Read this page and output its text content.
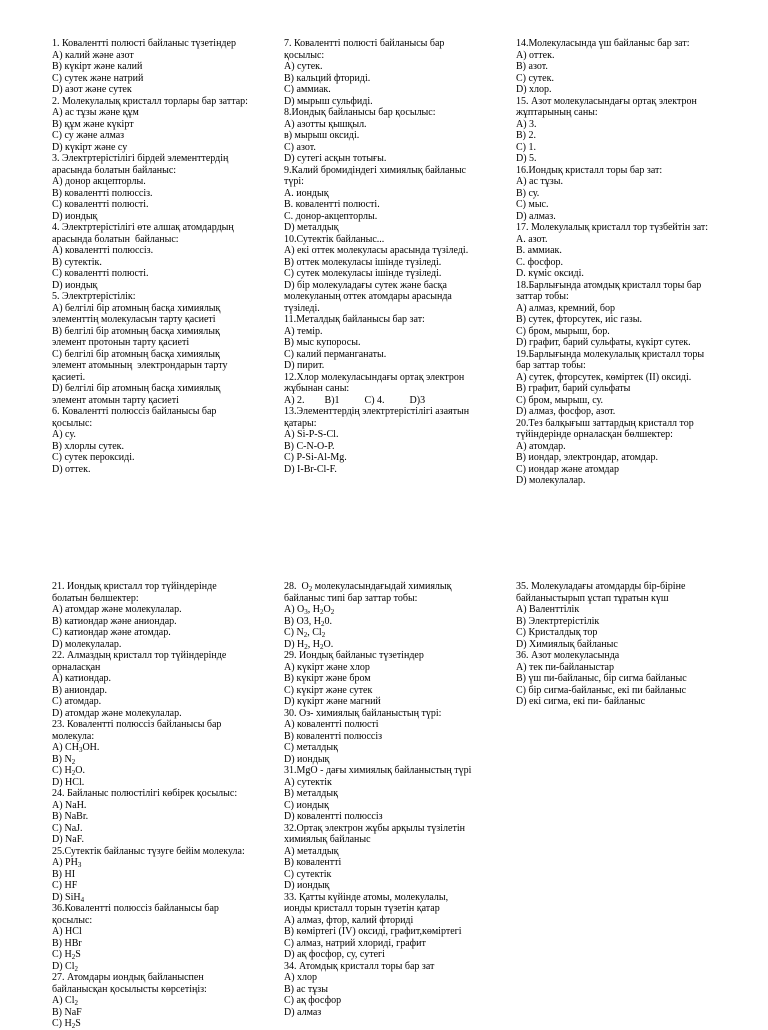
1. Ковалентті полюсті байланыс түзетіндер
А) калий және азот
В) күкірт және калий
С) сутек және натрий
D) азот және сутек
2. Молекулалық кристалл торлары бар заттар:
А) ас тұзы және құм
В) құм және күкірт
С) су және алмаз
D) күкірт және су
3. Электртерістілігі бірдей элементтердің
арасында болатын байланыс:
А) донор акцепторлы.
В) ковалентті полюссіз.
С) ковалентті полюсті.
D) иондық
4. Электртерістілігі өте алшақ атомдардың
арасында болатын  байланыс:
А) ковалентті полюссіз.
В) сутектік.
С) ковалентті полюсті.
D) иондық
5. Электртерістілік:
А) белгілі бір атомның басқа химиялық
элементтің молекуласын тарту қасиеті
В) белгілі бір атомның басқа химиялық
элемент протонын тарту қасиеті
С) белгілі бір атомның басқа химиялық
элемент атомының  электрондарын тарту
қасиеті.
D) белгілі бір атомның басқа химиялық
элемент атомын тарту қасиеті
6. Ковалентті полюссіз байланысы бар
қосылыс:
А) су.
В) хлорлы сутек.
С) сутек пероксиді.
D) оттек.
7. Ковалентті полюсті байланысы бар
қосылыс:
А) сутек.
В) кальций фториді.
С) аммиак.
D) мырыш сульфиді.
8.Иондық байланысы бар қосылыс:
А) азотты қышқыл.
в) мырыш оксиді.
С) азот.
D) сутегі асқын тотығы.
9.Калий бромидіндегі химиялық байланыс
түрі:
А. иондық
В. ковалентті полюсті.
С. донор-акцепторлы.
D) металдық
10.Сутектік байланыс...
А) екі оттек молекуласы арасында түзіледі.
В) оттек молекуласы ішінде түзіледі.
С) сутек молекуласы ішінде түзіледі.
D) бір молекуладағы сутек және басқа
молекуланың оттек атомдары арасында
түзіледі.
11.Металдық байланысы бар зат:
А) темір.
В) мыс купоросы.
С) калий перманганаты.
D) пирит.
12.Хлор молекуласындағы ортақ электрон
жұбынан саны:
А) 2.        В)1          С) 4.          D)3
13.Элементтердің электртерістілігі азаятын
қатары:
А) Si-P-S-Cl.
В) C-N-O-P.
С) P-Si-Al-Mg.
D) I-Br-Cl-F.
14.Молекуласында үш байланыс бар зат:
А) оттек.
В) азот.
С) сутек.
D) хлор.
15. Азот молекуласындағы ортақ электрон
жұптарының саны:
А) 3.
В) 2.
С) 1.
D) 5.
16.Иондық кристалл торы бар зат:
А) ас тұзы.
В) су.
С) мыс.
D) алмаз.
17. Молекулалық кристалл тор түзбейтін зат:
А. азот.
В. аммиак.
С. фосфор.
D. күміс оксиді.
18.Барлығында атомдық кристалл торы бар
заттар тобы:
А) алмаз, кремний, бор
В) сутек, фторсутек, иіс газы.
С) бром, мырыш, бор.
D) графит, барий сульфаты, күкірт сутек.
19.Барлығында молекулалық кристалл торы
бар заттар тобы:
А) сутек, фторсутек, көміртек (II) оксиді.
В) графит, барий сульфаты
С) бром, мырыш, су.
D) алмаз, фосфор, азот.
20.Тез балқығыш заттардың кристалл тор
түйіндерінде орналасқан бөлшектер:
А) атомдар.
В) иондар, электрондар, атомдар.
С) иондар және атомдар
D) молекулалар.
21. Иондық кристалл тор түйіндерінде
болатын бөлшектер:
А) атомдар және молекулалар.
В) катиондар және аниондар.
С) катиондар және атомдар.
D) молекулалар.
22. Алмаздың кристалл тор түйіндерінде
орналасқан
А) катиондар.
В) аниондар.
С) атомдар.
D) атомдар және молекулалар.
23. Ковалентті полюссіз байланысы бар
молекула:
А) $CH_3OH$.
В) $N_2$
С) $H_2O$.
D) HCl.
24. Байланыс полюстілігі көбірек қосылыс:
А) NaH.
В) NaBr.
С) NaJ.
D) NaF.
25.Сутектік байланыс түзуге бейім молекула:
А) $PH_3$
В) HI
С) HF
D) SiH$_4$
36.Ковалентті полюссіз байланысы бар
қосылыс:
А) HCl
В) HBr
С) $H_2S$
D) $Cl_2$
27. Атомдары иондық байланыспен
байланысқан қосылысты көрсетіңіз:
А) $Cl_2$
В) NaF
С) $H_2S$
28.  $O_2$ молекуласындағыдай химиялық
байланыс типі бар заттар тобы:
А) $O_3$, $H_2O_2$
В) O3, $H_20$.
С) $N_2$, $Cl_2$
D) $H_2$, $H_2O$.
29. Иондық байланыс түзетіндер
А) күкірт және хлор
В) күкірт және бром
С) күкірт және сутек
D) күкірт және магний
30. Oз- химиялық байланыстың түрі:
А) ковалентті полюсті
В) ковалентті полюссіз
С) металдық
D) иондық
31.MgO - дағы химиялық байланыстың түрі
А) сутектік
В) металдық
С) иондық
D) ковалентті полюссіз
32.Ортақ электрон жұбы арқылы түзілетін
химиялық байланыс
А) металдық
В) ковалентті
С) сутектік
D) иондық
33. Қатты күйінде атомы, молекулалы,
ионды кристалл торын түзетін қатар
А) алмаз, фтор, калий фториді
В) көміртегі (IV) оксиді, графит,көміртегі
С) алмаз, натрий хлориді, графит
D) ақ фосфор, су, сутегі
34. Атомдық кристалл торы бар зат
А) хлор
В) ас тұзы
С) ақ фосфор
D) алмаз
35. Молекуладағы атомдарды бір-біріне
байланыстырып ұстап тұратын күш
А) Валенттілік
В) Электртерістілік
С) Кристалдық тор
D) Химиялық байланыс
36. Азот молекуласында
А) тек пи-байланыстар
В) үш пи-байланыс, бір сигма байланыс
С) бір сигма-байланыс, екі пи байланыс
D) екі сигма, екі пи- байланыс
